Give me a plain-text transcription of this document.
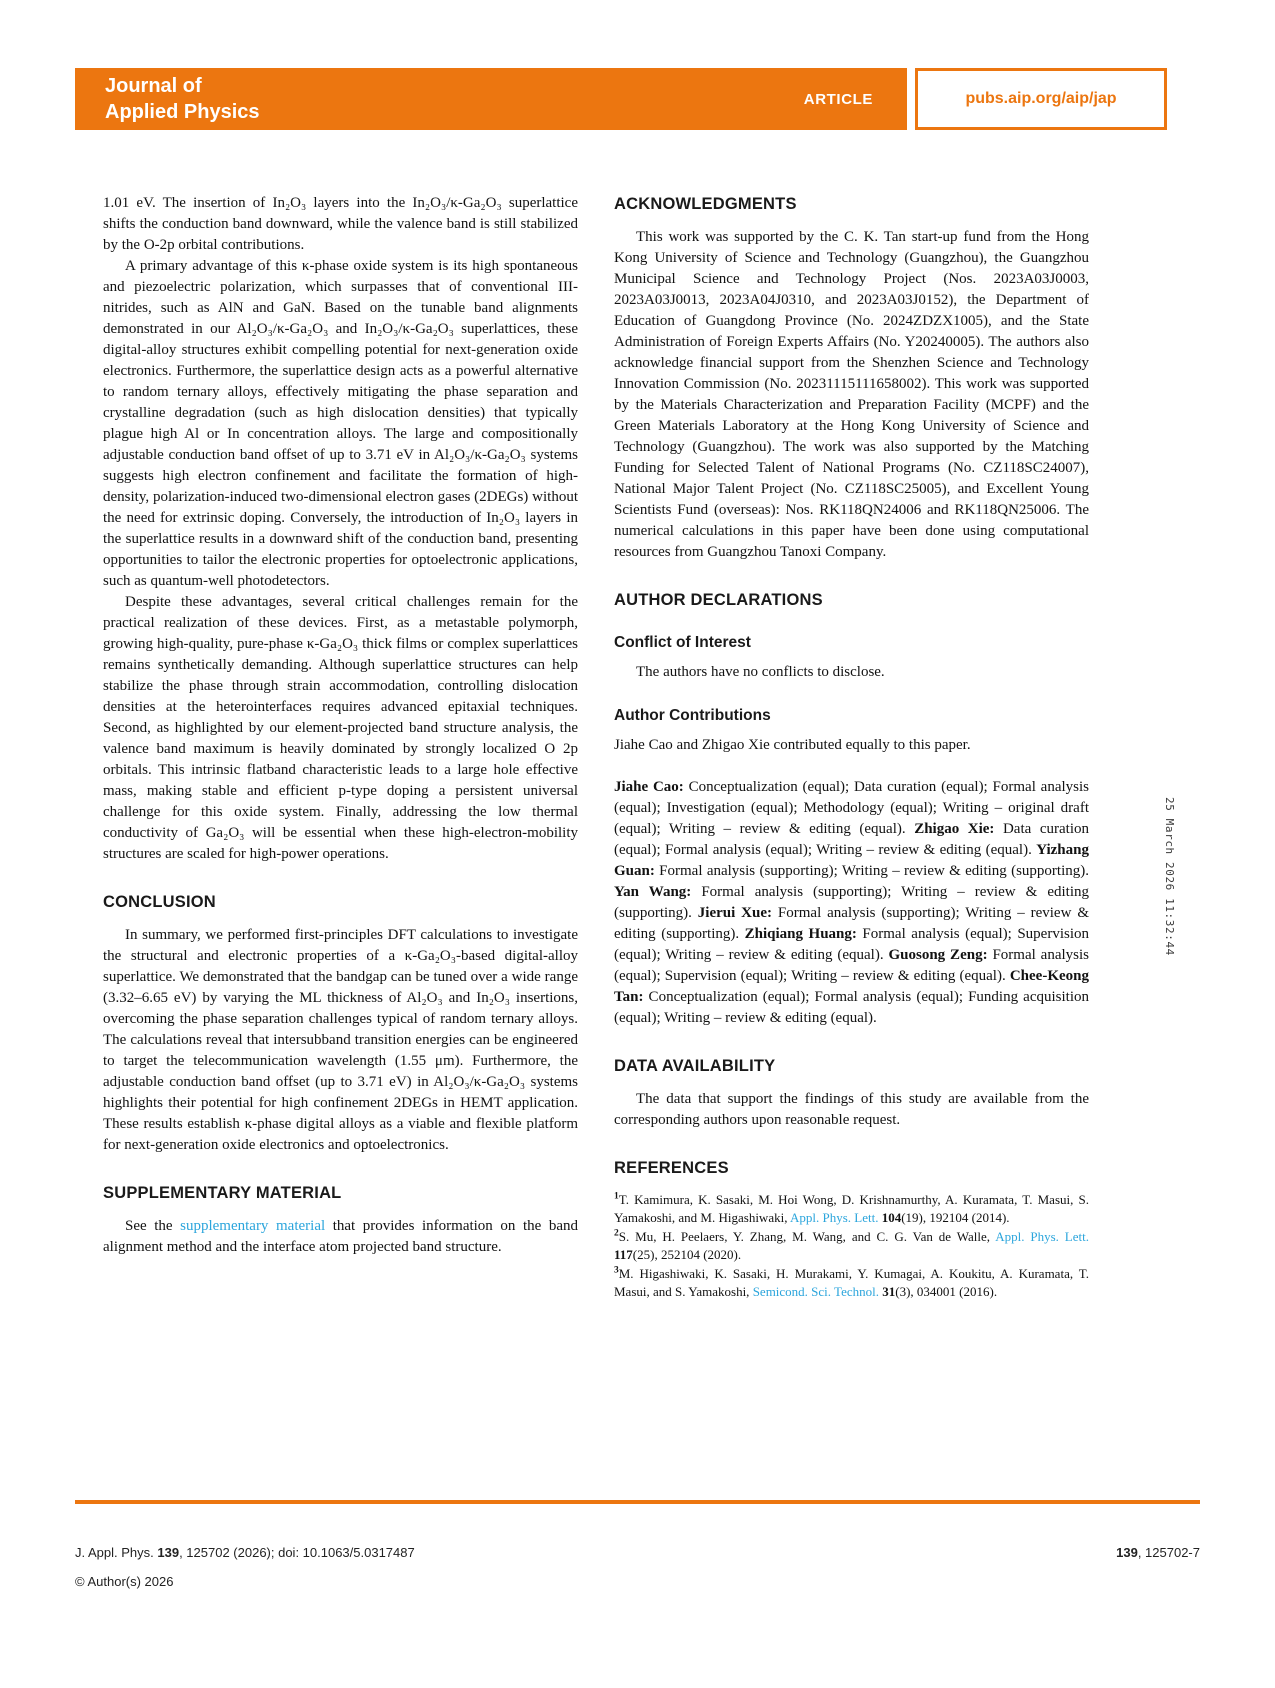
Journal of
Applied Physics
ARTICLE	pubs.aip.org/aip/jap
25 March 2026 11:32:44

1.01 eV. The insertion of In₂O₃ layers into the In₂O₃/κ-Ga₂O₃ superlattice shifts the conduction band downward, while the valence band is still stabilized by the O-2p orbital contributions.

A primary advantage of this κ-phase oxide system is its high spontaneous and piezoelectric polarization, which surpasses that of conventional III-nitrides, such as AlN and GaN. Based on the tunable band alignments demonstrated in our Al₂O₃/κ-Ga₂O₃ and In₂O₃/κ-Ga₂O₃ superlattices, these digital-alloy structures exhibit compelling potential for next-generation oxide electronics. Furthermore, the superlattice design acts as a powerful alternative to random ternary alloys, effectively mitigating the phase separation and crystalline degradation (such as high dislocation densities) that typically plague high Al or In concentration alloys. The large and compositionally adjustable conduction band offset of up to 3.71 eV in Al₂O₃/κ-Ga₂O₃ systems suggests high electron confinement and facilitate the formation of high-density, polarization-induced two-dimensional electron gases (2DEGs) without the need for extrinsic doping. Conversely, the introduction of In₂O₃ layers in the superlattice results in a downward shift of the conduction band, presenting opportunities to tailor the electronic properties for optoelectronic applications, such as quantum-well photodetectors.

Despite these advantages, several critical challenges remain for the practical realization of these devices. First, as a metastable polymorph, growing high-quality, pure-phase κ-Ga₂O₃ thick films or complex superlattices remains synthetically demanding. Although superlattice structures can help stabilize the phase through strain accommodation, controlling dislocation densities at the heterointerfaces requires advanced epitaxial techniques. Second, as highlighted by our element-projected band structure analysis, the valence band maximum is heavily dominated by strongly localized O 2p orbitals. This intrinsic flatband characteristic leads to a large hole effective mass, making stable and efficient p-type doping a persistent universal challenge for this oxide system. Finally, addressing the low thermal conductivity of Ga₂O₃ will be essential when these high-electron-mobility structures are scaled for high-power operations.

CONCLUSION

In summary, we performed first-principles DFT calculations to investigate the structural and electronic properties of a κ-Ga₂O₃-based digital-alloy superlattice. We demonstrated that the bandgap can be tuned over a wide range (3.32–6.65 eV) by varying the ML thickness of Al₂O₃ and In₂O₃ insertions, overcoming the phase separation challenges typical of random ternary alloys. The calculations reveal that intersubband transition energies can be engineered to target the telecommunication wavelength (1.55 μm). Furthermore, the adjustable conduction band offset (up to 3.71 eV) in Al₂O₃/κ-Ga₂O₃ systems highlights their potential for high confinement 2DEGs in HEMT application. These results establish κ-phase digital alloys as a viable and flexible platform for next-generation oxide electronics and optoelectronics.

SUPPLEMENTARY MATERIAL

See the supplementary material that provides information on the band alignment method and the interface atom projected band structure.

ACKNOWLEDGMENTS

This work was supported by the C. K. Tan start-up fund from the Hong Kong University of Science and Technology (Guangzhou), the Guangzhou Municipal Science and Technology Project (Nos. 2023A03J0003, 2023A03J0013, 2023A04J0310, and 2023A03J0152), the Department of Education of Guangdong Province (No. 2024ZDZX1005), and the State Administration of Foreign Experts Affairs (No. Y20240005). The authors also acknowledge financial support from the Shenzhen Science and Technology Innovation Commission (No. 20231115111658002). This work was supported by the Materials Characterization and Preparation Facility (MCPF) and the Green Materials Laboratory at the Hong Kong University of Science and Technology (Guangzhou). The work was also supported by the Matching Funding for Selected Talent of National Programs (No. CZ118SC24007), National Major Talent Project (No. CZ118SC25005), and Excellent Young Scientists Fund (overseas): Nos. RK118QN24006 and RK118QN25006. The numerical calculations in this paper have been done using computational resources from Guangzhou Tanoxi Company.

AUTHOR DECLARATIONS
Conflict of Interest

The authors have no conflicts to disclose.

Author Contributions

Jiahe Cao and Zhigao Xie contributed equally to this paper.

Jiahe Cao: Conceptualization (equal); Data curation (equal); Formal analysis (equal); Investigation (equal); Methodology (equal); Writing – original draft (equal); Writing – review & editing (equal). Zhigao Xie: Data curation (equal); Formal analysis (equal); Writing – review & editing (equal). Yizhang Guan: Formal analysis (supporting); Writing – review & editing (supporting). Yan Wang: Formal analysis (supporting); Writing – review & editing (supporting). Jierui Xue: Formal analysis (supporting); Writing – review & editing (supporting). Zhiqiang Huang: Formal analysis (equal); Supervision (equal); Writing – review & editing (equal). Guosong Zeng: Formal analysis (equal); Supervision (equal); Writing – review & editing (equal). Chee-Keong Tan: Conceptualization (equal); Formal analysis (equal); Funding acquisition (equal); Writing – review & editing (equal).

DATA AVAILABILITY

The data that support the findings of this study are available from the corresponding authors upon reasonable request.

REFERENCES

$^1$T. Kamimura, K. Sasaki, M. Hoi Wong, D. Krishnamurthy, A. Kuramata, T. Masui, S. Yamakoshi, and M. Higashiwaki, Appl. Phys. Lett. 104(19), 192104 (2014).

$^2$S. Mu, H. Peelaers, Y. Zhang, M. Wang, and C. G. Van de Walle, Appl. Phys. Lett. 117(25), 252104 (2020).

$^3$M. Higashiwaki, K. Sasaki, H. Murakami, Y. Kumagai, A. Koukitu, A. Kuramata, T. Masui, and S. Yamakoshi, Semicond. Sci. Technol. 31(3), 034001 (2016).

J. Appl. Phys. 139, 125702 (2026); doi: 10.1063/5.0317487	139, 125702-7
© Author(s) 2026
